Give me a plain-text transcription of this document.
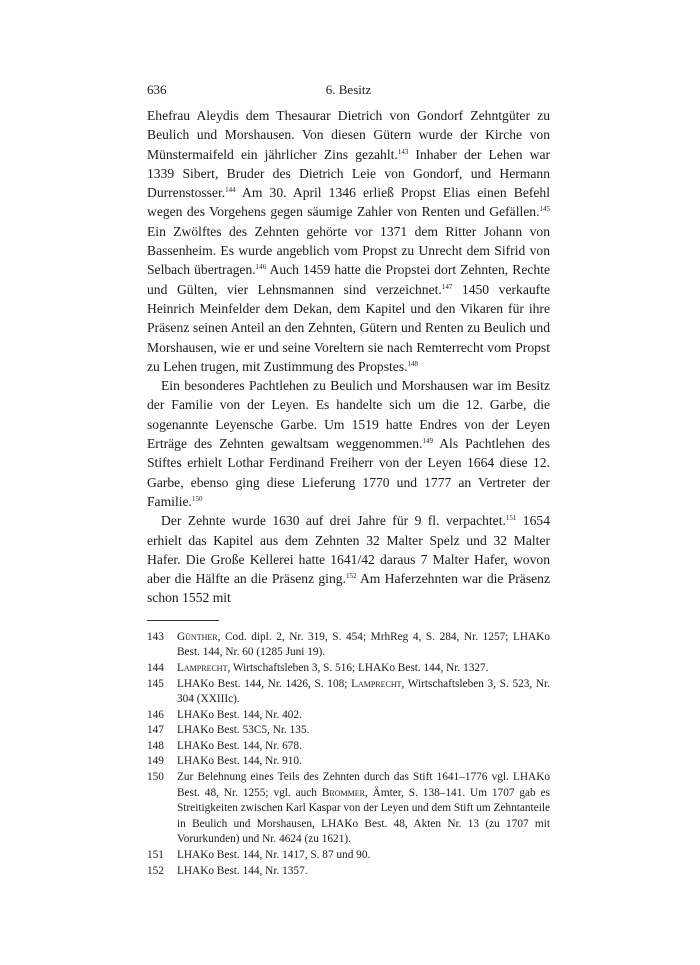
636	6. Besitz

Ehefrau Aleydis dem Thesaurar Dietrich von Gondorf Zehntgüter zu Beulich und Morshausen. Von diesen Gütern wurde der Kirche von Münstermaifeld ein jährlicher Zins gezahlt.$^{143}$ Inhaber der Lehen war 1339 Sibert, Bruder des Dietrich Leie von Gondorf, und Hermann Durrenstosser.$^{144}$ Am 30. April 1346 erließ Propst Elias einen Befehl wegen des Vorgehens gegen säumige Zahler von Renten und Gefällen.$^{145}$ Ein Zwölftes des Zehnten gehörte vor 1371 dem Ritter Johann von Bassenheim. Es wurde angeblich vom Propst zu Unrecht dem Sifrid von Selbach übertragen.$^{146}$ Auch 1459 hatte die Propstei dort Zehnten, Rechte und Gülten, vier Lehnsmannen sind verzeichnet.$^{147}$ 1450 verkaufte Heinrich Meinfelder dem Dekan, dem Kapitel und den Vikaren für ihre Präsenz seinen Anteil an den Zehnten, Gütern und Renten zu Beulich und Morshausen, wie er und seine Voreltern sie nach Remterrecht vom Propst zu Lehen trugen, mit Zustimmung des Propstes.$^{148}$

Ein besonderes Pachtlehen zu Beulich und Morshausen war im Besitz der Familie von der Leyen. Es handelte sich um die 12. Garbe, die sogenannte Leyensche Garbe. Um 1519 hatte Endres von der Leyen Erträge des Zehnten gewaltsam weggenommen.$^{149}$ Als Pachtlehen des Stiftes erhielt Lothar Ferdinand Freiherr von der Leyen 1664 diese 12. Garbe, ebenso ging diese Lieferung 1770 und 1777 an Vertreter der Familie.$^{150}$

Der Zehnte wurde 1630 auf drei Jahre für 9 fl. verpachtet.$^{151}$ 1654 erhielt das Kapitel aus dem Zehnten 32 Malter Spelz und 32 Malter Hafer. Die Große Kellerei hatte 1641/42 daraus 7 Malter Hafer, wovon aber die Hälfte an die Präsenz ging.$^{152}$ Am Haferzehnten war die Präsenz schon 1552 mit

143	Günther, Cod. dipl. 2, Nr. 319, S. 454; MrhReg 4, S. 284, Nr. 1257; LHAKo Best. 144, Nr. 60 (1285 Juni 19).
144	Lamprecht, Wirtschaftsleben 3, S. 516; LHAKo Best. 144, Nr. 1327.
145	LHAKo Best. 144, Nr. 1426, S. 108; Lamprecht, Wirtschaftsleben 3, S. 523, Nr. 304 (XXIIIc).
146	LHAKo Best. 144, Nr. 402.
147	LHAKo Best. 53C5, Nr. 135.
148	LHAKo Best. 144, Nr. 678.
149	LHAKo Best. 144, Nr. 910.
150	Zur Belehnung eines Teils des Zehnten durch das Stift 1641–1776 vgl. LHAKo Best. 48, Nr. 1255; vgl. auch Brommer, Ämter, S. 138–141. Um 1707 gab es Streitigkeiten zwischen Karl Kaspar von der Leyen und dem Stift um Zehntanteile in Beulich und Morshausen, LHAKo Best. 48, Akten Nr. 13 (zu 1707 mit Vorurkunden) und Nr. 4624 (zu 1621).
151	LHAKo Best. 144, Nr. 1417, S. 87 und 90.
152	LHAKo Best. 144, Nr. 1357.
